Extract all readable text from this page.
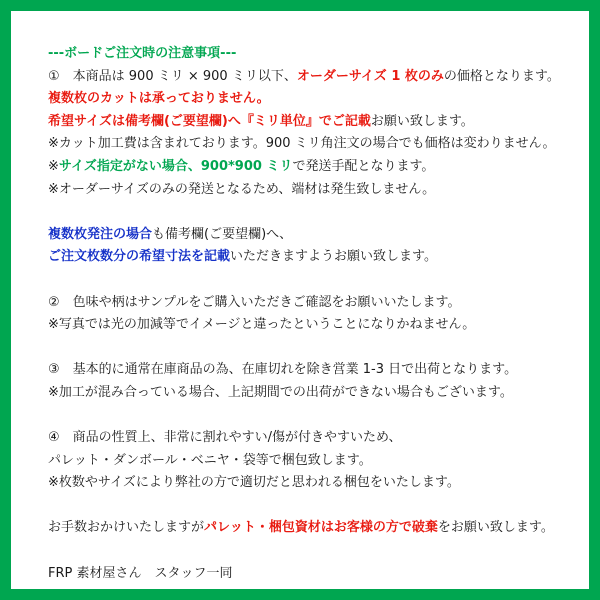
-‐-ボードご注文時の注意事項-‐-
①　本商品は 900 ミリ × 900 ミリ以下、オーダーサイズ 1 枚のみの価格となります。
複数枚のカットは承っておりません。
希望サイズは備考欄(ご要望欄)へ『ミリ単位』でご記載お願い致します。
※カット加工費は含まれております。900 ミリ角注文の場合でも価格は変わりません。
※サイズ指定がない場合、900*900 ミリで発送手配となります。
※オーダーサイズのみの発送となるため、端材は発生致しません。
複数枚発注の場合も備考欄(ご要望欄)へ、
ご注文枚数分の希望寸法を記載いただきますようお願い致します。
②　色味や柄はサンプルをご購入いただきご確認をお願いいたします。
※写真では光の加減等でイメージと違ったということになりかねません。
③　基本的に通常在庫商品の為、在庫切れを除き営業 1-3 日で出荷となります。
※加工が混み合っている場合、上記期間での出荷ができない場合もございます。
④　商品の性質上、非常に割れやすい/傷が付きやすいため、
パレット・ダンボール・ベニヤ・袋等で梱包致します。
※枚数やサイズにより弊社の方で適切だと思われる梱包をいたします。
お手数おかけいたしますがパレット・梱包資材はお客様の方で破棄をお願い致します。
FRP 素材屋さん　スタッフ一同
